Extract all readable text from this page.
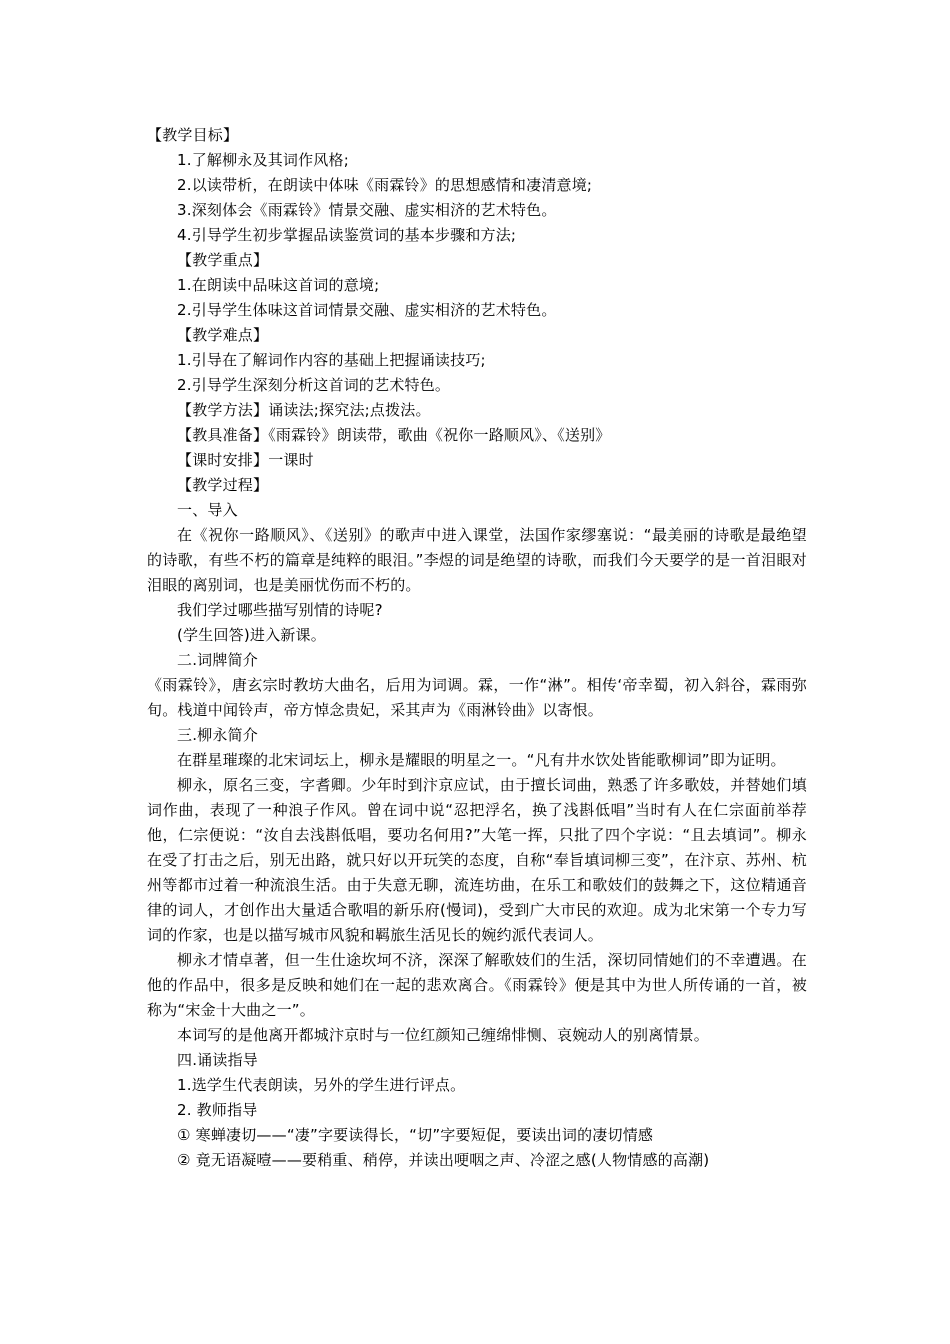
【教学目标】

1.了解柳永及其词作风格;

2.以读带析，在朗读中体味《雨霖铃》的思想感情和凄清意境;

3.深刻体会《雨霖铃》情景交融、虚实相济的艺术特色。

4.引导学生初步掌握品读鉴赏词的基本步骤和方法;

【教学重点】

1.在朗读中品味这首词的意境;

2.引导学生体味这首词情景交融、虚实相济的艺术特色。

【教学难点】

1.引导在了解词作内容的基础上把握诵读技巧;

2.引导学生深刻分析这首词的艺术特色。

【教学方法】诵读法;探究法;点拨法。

【教具准备】《雨霖铃》朗读带，歌曲《祝你一路顺风》、《送别》

【课时安排】一课时

【教学过程】

一、导入

在《祝你一路顺风》、《送别》的歌声中进入课堂，法国作家缪塞说：“最美丽的诗歌是最绝望的诗歌，有些不朽的篇章是纯粹的眼泪。”李煜的词是绝望的诗歌，而我们今天要学的是一首泪眼对泪眼的离别词，也是美丽忧伤而不朽的。

我们学过哪些描写别情的诗呢?

(学生回答)进入新课。

二.词牌简介

《雨霖铃》，唐玄宗时教坊大曲名，后用为词调。霖，一作“淋”。相传‘帝幸蜀，初入斜谷，霖雨弥旬。栈道中闻铃声，帝方悼念贵妃，采其声为《雨淋铃曲》以寄恨。

三.柳永简介

在群星璀璨的北宋词坛上，柳永是耀眼的明星之一。“凡有井水饮处皆能歌柳词”即为证明。

柳永，原名三变，字耆卿。少年时到汴京应试，由于擅长词曲，熟悉了许多歌妓，并替她们填词作曲，表现了一种浪子作风。曾在词中说“忍把浮名，换了浅斟低唱”当时有人在仁宗面前举荐他，仁宗便说：“汝自去浅斟低唱，要功名何用?”大笔一挥，只批了四个字说：“且去填词”。柳永在受了打击之后，别无出路，就只好以开玩笑的态度，自称“奉旨填词柳三变”，在汴京、苏州、杭州等都市过着一种流浪生活。由于失意无聊，流连坊曲，在乐工和歌妓们的鼓舞之下，这位精通音律的词人，才创作出大量适合歌唱的新乐府(慢词)，受到广大市民的欢迎。成为北宋第一个专力写词的作家，也是以描写城市风貌和羁旅生活见长的婉约派代表词人。

柳永才情卓著，但一生仕途坎坷不济，深深了解歌妓们的生活，深切同情她们的不幸遭遇。在他的作品中，很多是反映和她们在一起的悲欢离合。《雨霖铃》便是其中为世人所传诵的一首，被称为“宋金十大曲之一”。

本词写的是他离开都城汴京时与一位红颜知己缠绵悱恻、哀婉动人的别离情景。

四.诵读指导

1.选学生代表朗读，另外的学生进行评点。

2. 教师指导

① 寒蝉凄切——“凄”字要读得长，“切”字要短促，要读出词的凄切情感

② 竟无语凝噎——要稍重、稍停，并读出哽咽之声、冷涩之感(人物情感的高潮)
